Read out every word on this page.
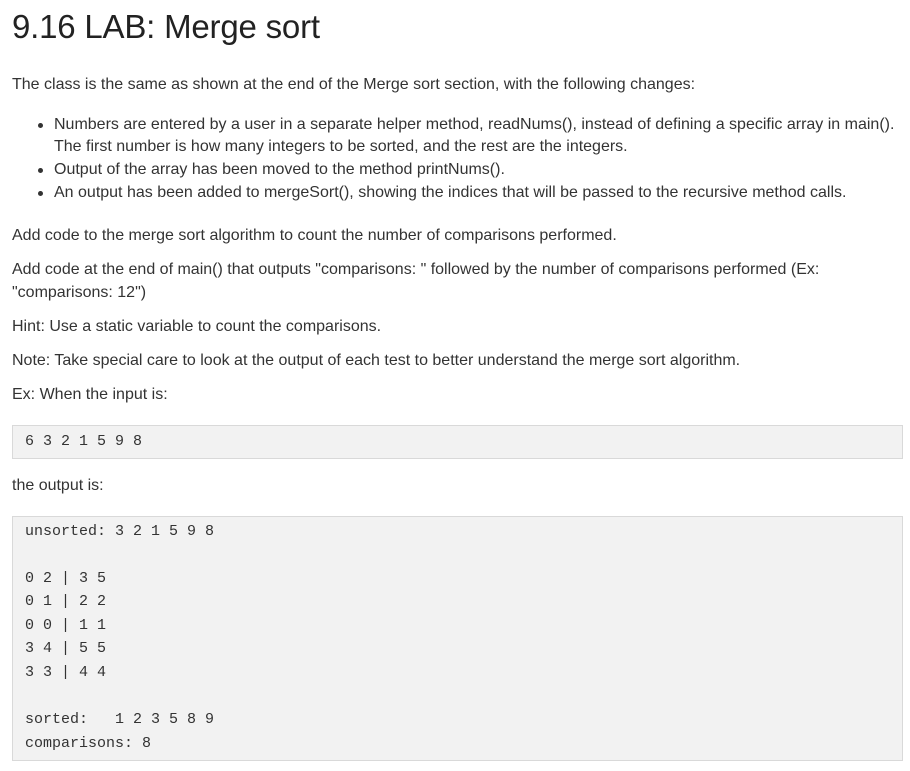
9.16 LAB: Merge sort

The class is the same as shown at the end of the Merge sort section, with the following changes:

Numbers are entered by a user in a separate helper method, readNums(), instead of defining a specific array in main(). The first number is how many integers to be sorted, and the rest are the integers.
Output of the array has been moved to the method printNums().
An output has been added to mergeSort(), showing the indices that will be passed to the recursive method calls.

Add code to the merge sort algorithm to count the number of comparisons performed.

Add code at the end of main() that outputs "comparisons: " followed by the number of comparisons performed (Ex:

"comparisons: 12")

Hint: Use a static variable to count the comparisons.

Note: Take special care to look at the output of each test to better understand the merge sort algorithm.

Ex: When the input is:

6 3 2 1 5 9 8

the output is:

unsorted: 3 2 1 5 9 8
0 2 | 3 5
0 1 | 2 2
0 0 | 1 1
3 4 | 5 5
3 3 | 4 4
sorted:   1 2 3 5 8 9
comparisons: 8
